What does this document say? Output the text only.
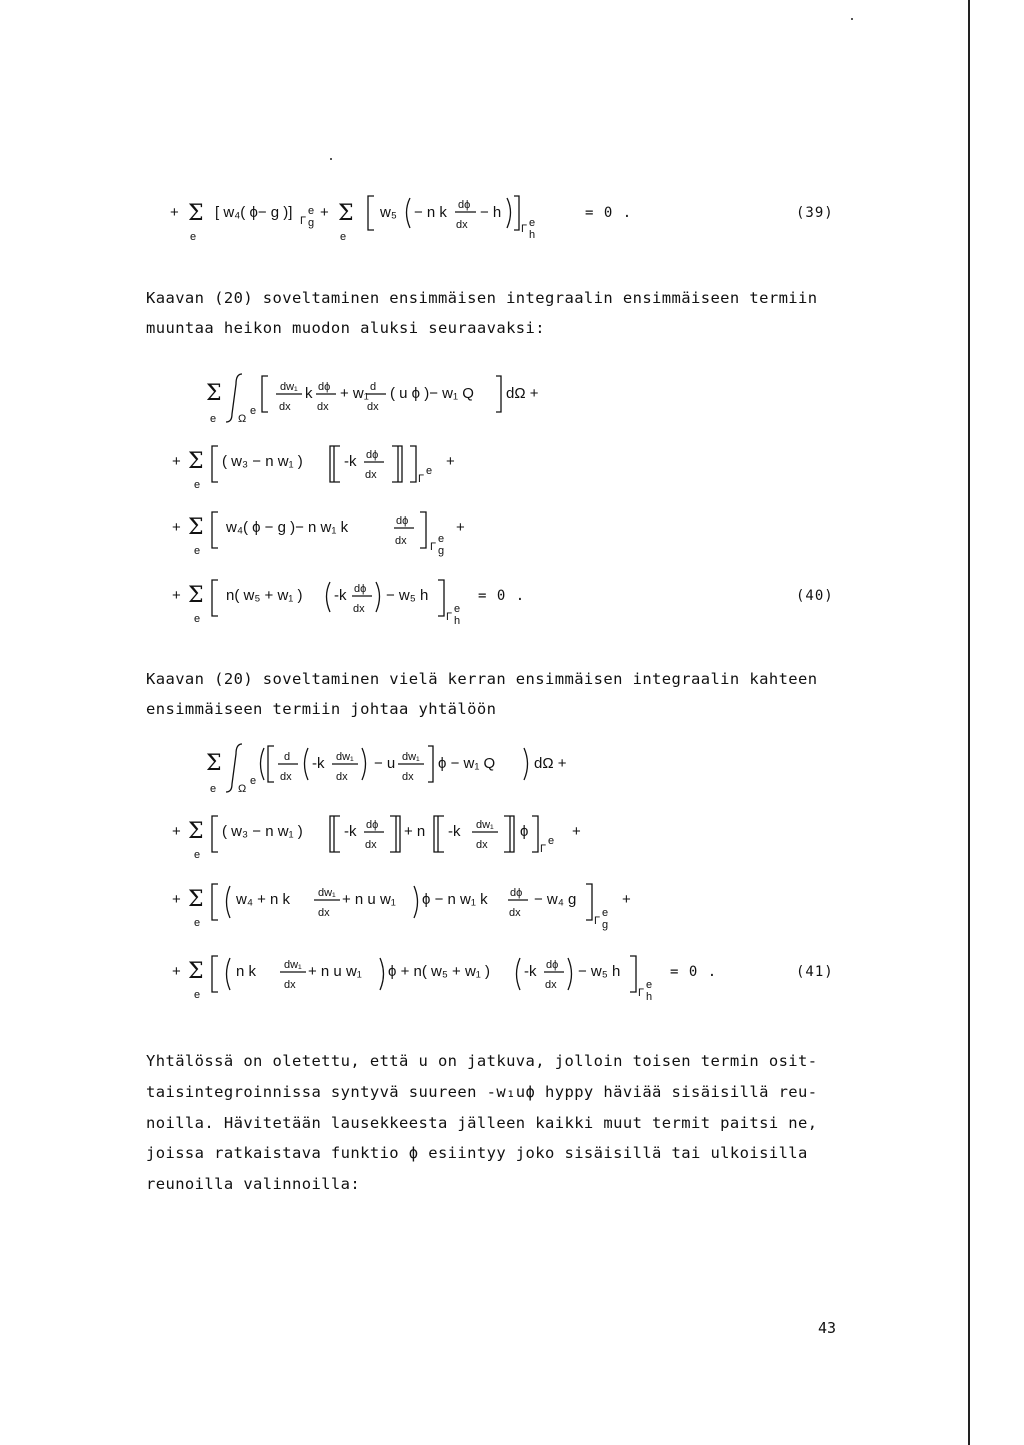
+ Σ
e
[ w₄( ϕ− g )] Γ
e
g
+ Σ
e
w₅ − n k dϕ
dx
− h
Γ e
h
= 0 .	(39)
Kaavan (20) soveltaminen ensimmäisen integraalin ensimmäiseen termiin
muuntaa heikon muodon aluksi seuraavaksi:
Σ
e Ω
e
dw₁
dx
k dϕ
dx
+ w₁ d
dx
( u ϕ )− w₁ Q dΩ +
+ Σ
e
( w₃ − n w₁ )	-k dϕ
dx	Γ
e
+
+ Σ
e
w₄( ϕ − g )− n w₁ k	dϕ
dx Γ
e
g
+
+ Σ
e
n( w₅ + w₁ ) -k dϕ
dx
− w₅ h
Γ
e
h
= 0 .	(40)
Kaavan (20) soveltaminen vielä kerran ensimmäisen integraalin kahteen
ensimmäiseen termiin johtaa yhtälöön
Σ
e Ω
e
d
dx
-k dw₁
dx
− u dw₁
dx
ϕ − w₁ Q	dΩ +
+ Σ
e
( w₃ − n w₁ )	-k dϕ
dx
+ n -k dw₁
dx
ϕ
Γ
e
+
+ Σ
e
w₄ + n k	dw₁
dx
+ n u w₁ ϕ − n w₁ k dϕ
dx
− w₄ g
Γ
e
g
+
+ Σ
e
n k	dw₁
dx
+ n u w₁ ϕ + n( w₅ + w₁ ) -k dϕ
dx
− w₅ h
Γ
e
h
= 0 .	(41)
Yhtälössä on oletettu, että u on jatkuva, jolloin toisen termin osit-
taisintegroinnissa syntyvä suureen -w₁uϕ hyppy häviää sisäisillä reu-
noilla. Hävitetään lausekkeesta jälleen kaikki muut termit paitsi ne,
joissa ratkaistava funktio ϕ esiintyy joko sisäisillä tai ulkoisilla
reunoilla valinnoilla:
43
